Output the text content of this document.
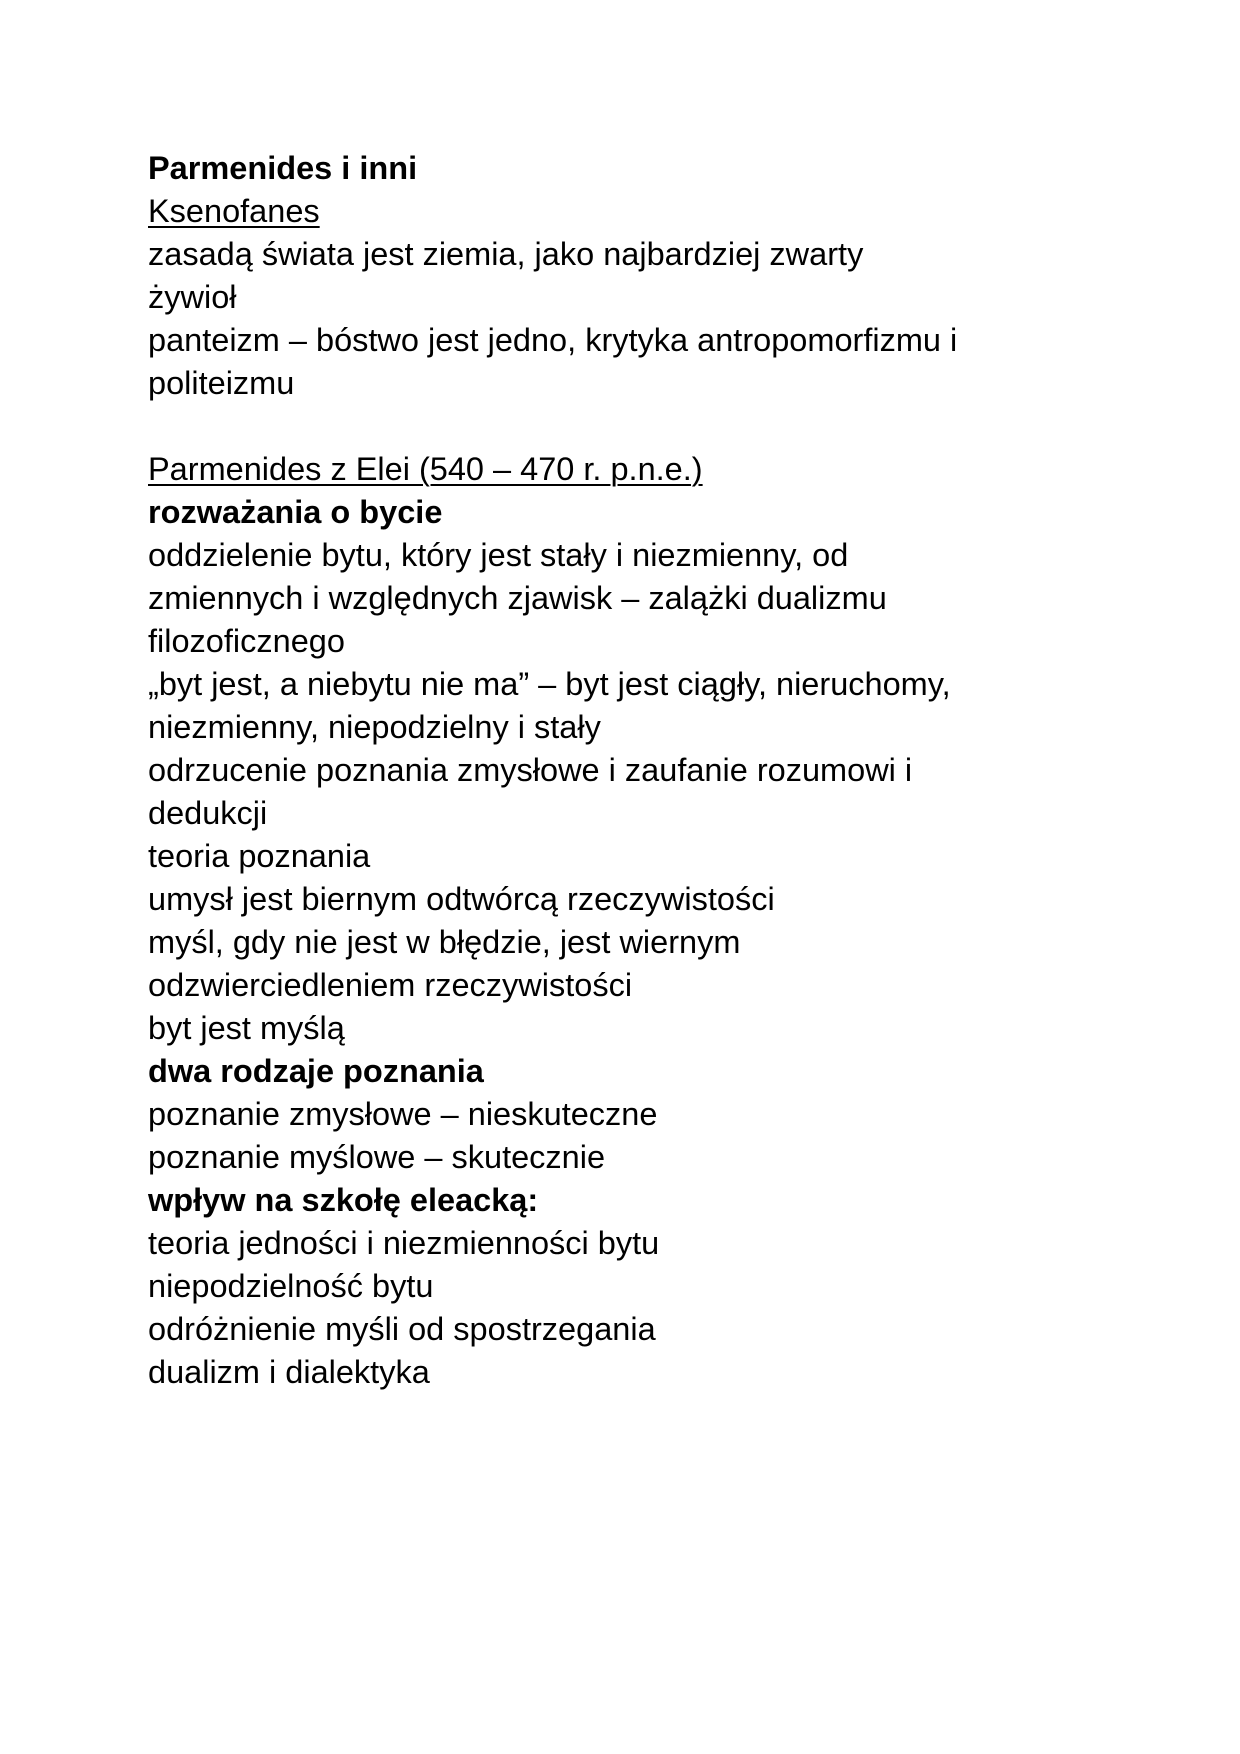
Parmenides i inni
Ksenofanes
zasadą świata jest ziemia, jako najbardziej zwarty
żywioł
panteizm – bóstwo jest jedno, krytyka antropomorfizmu i
politeizmu
Parmenides z Elei (540 – 470 r. p.n.e.)
rozważania o bycie
oddzielenie bytu, który jest stały i niezmienny, od
zmiennych i względnych zjawisk – zalążki dualizmu
filozoficznego
„byt jest, a niebytu nie ma” – byt jest ciągły, nieruchomy,
niezmienny, niepodzielny i stały
odrzucenie poznania zmysłowe i zaufanie rozumowi i
dedukcji
teoria poznania
umysł jest biernym odtwórcą rzeczywistości
myśl, gdy nie jest w błędzie, jest wiernym
odzwierciedleniem rzeczywistości
byt jest myślą
dwa rodzaje poznania
poznanie zmysłowe – nieskuteczne
poznanie myślowe – skutecznie
wpływ na szkołę eleacką:
teoria jedności i niezmienności bytu
niepodzielność bytu
odróżnienie myśli od spostrzegania
dualizm i dialektyka
